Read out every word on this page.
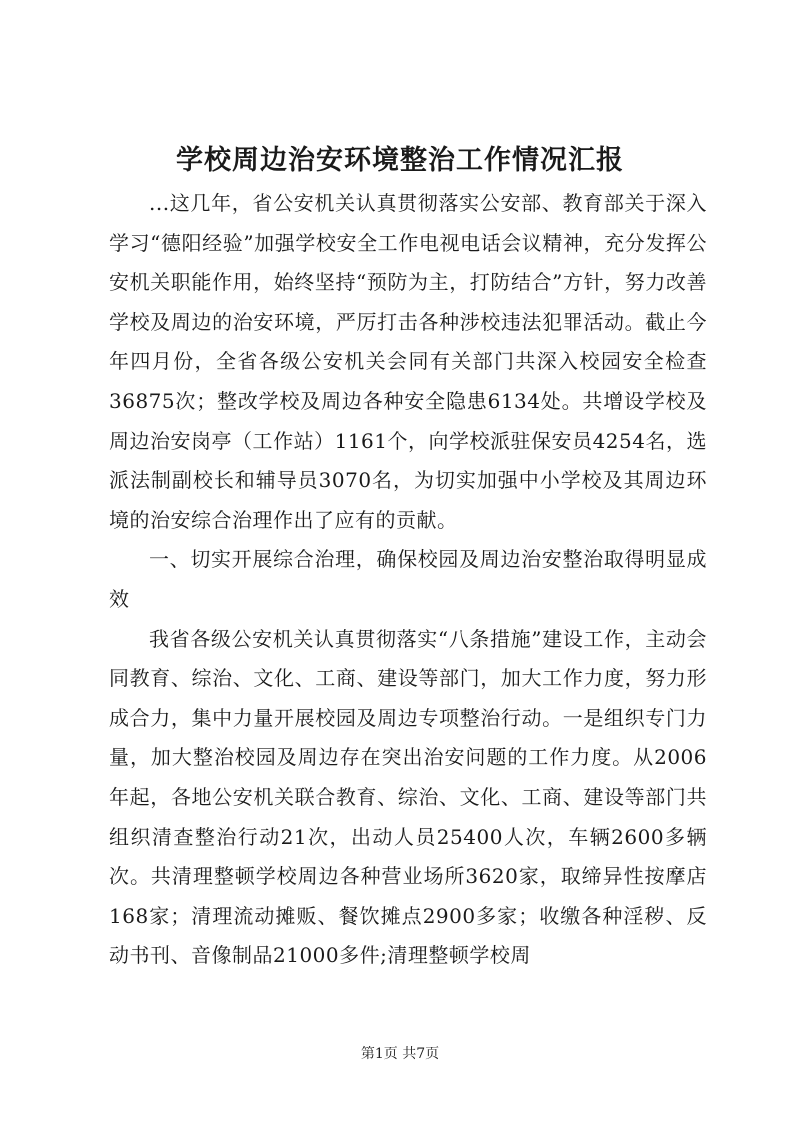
学校周边治安环境整治工作情况汇报

...这几年，省公安机关认真贯彻落实公安部、教育部关于深入学习“德阳经验”加强学校安全工作电视电话会议精神，充分发挥公安机关职能作用，始终坚持“预防为主，打防结合”方针，努力改善学校及周边的治安环境，严厉打击各种涉校违法犯罪活动。截止今年四月份，全省各级公安机关会同有关部门共深入校园安全检查36875次；整改学校及周边各种安全隐患6134处。共增设学校及周边治安岗亭（工作站）1161个，向学校派驻保安员4254名，选派法制副校长和辅导员3070名，为切实加强中小学校及其周边环境的治安综合治理作出了应有的贡献。

一、切实开展综合治理，确保校园及周边治安整治取得明显成效

我省各级公安机关认真贯彻落实“八条措施”建设工作，主动会同教育、综治、文化、工商、建设等部门，加大工作力度，努力形成合力，集中力量开展校园及周边专项整治行动。一是组织专门力量，加大整治校园及周边存在突出治安问题的工作力度。从2006年起，各地公安机关联合教育、综治、文化、工商、建设等部门共组织清查整治行动21次，出动人员25400人次，车辆2600多辆次。共清理整顿学校周边各种营业场所3620家，取缔异性按摩店168家；清理流动摊贩、餐饮摊点2900多家；收缴各种淫秽、反动书刊、音像制品21000多件;清理整顿学校周

第1页 共7页
